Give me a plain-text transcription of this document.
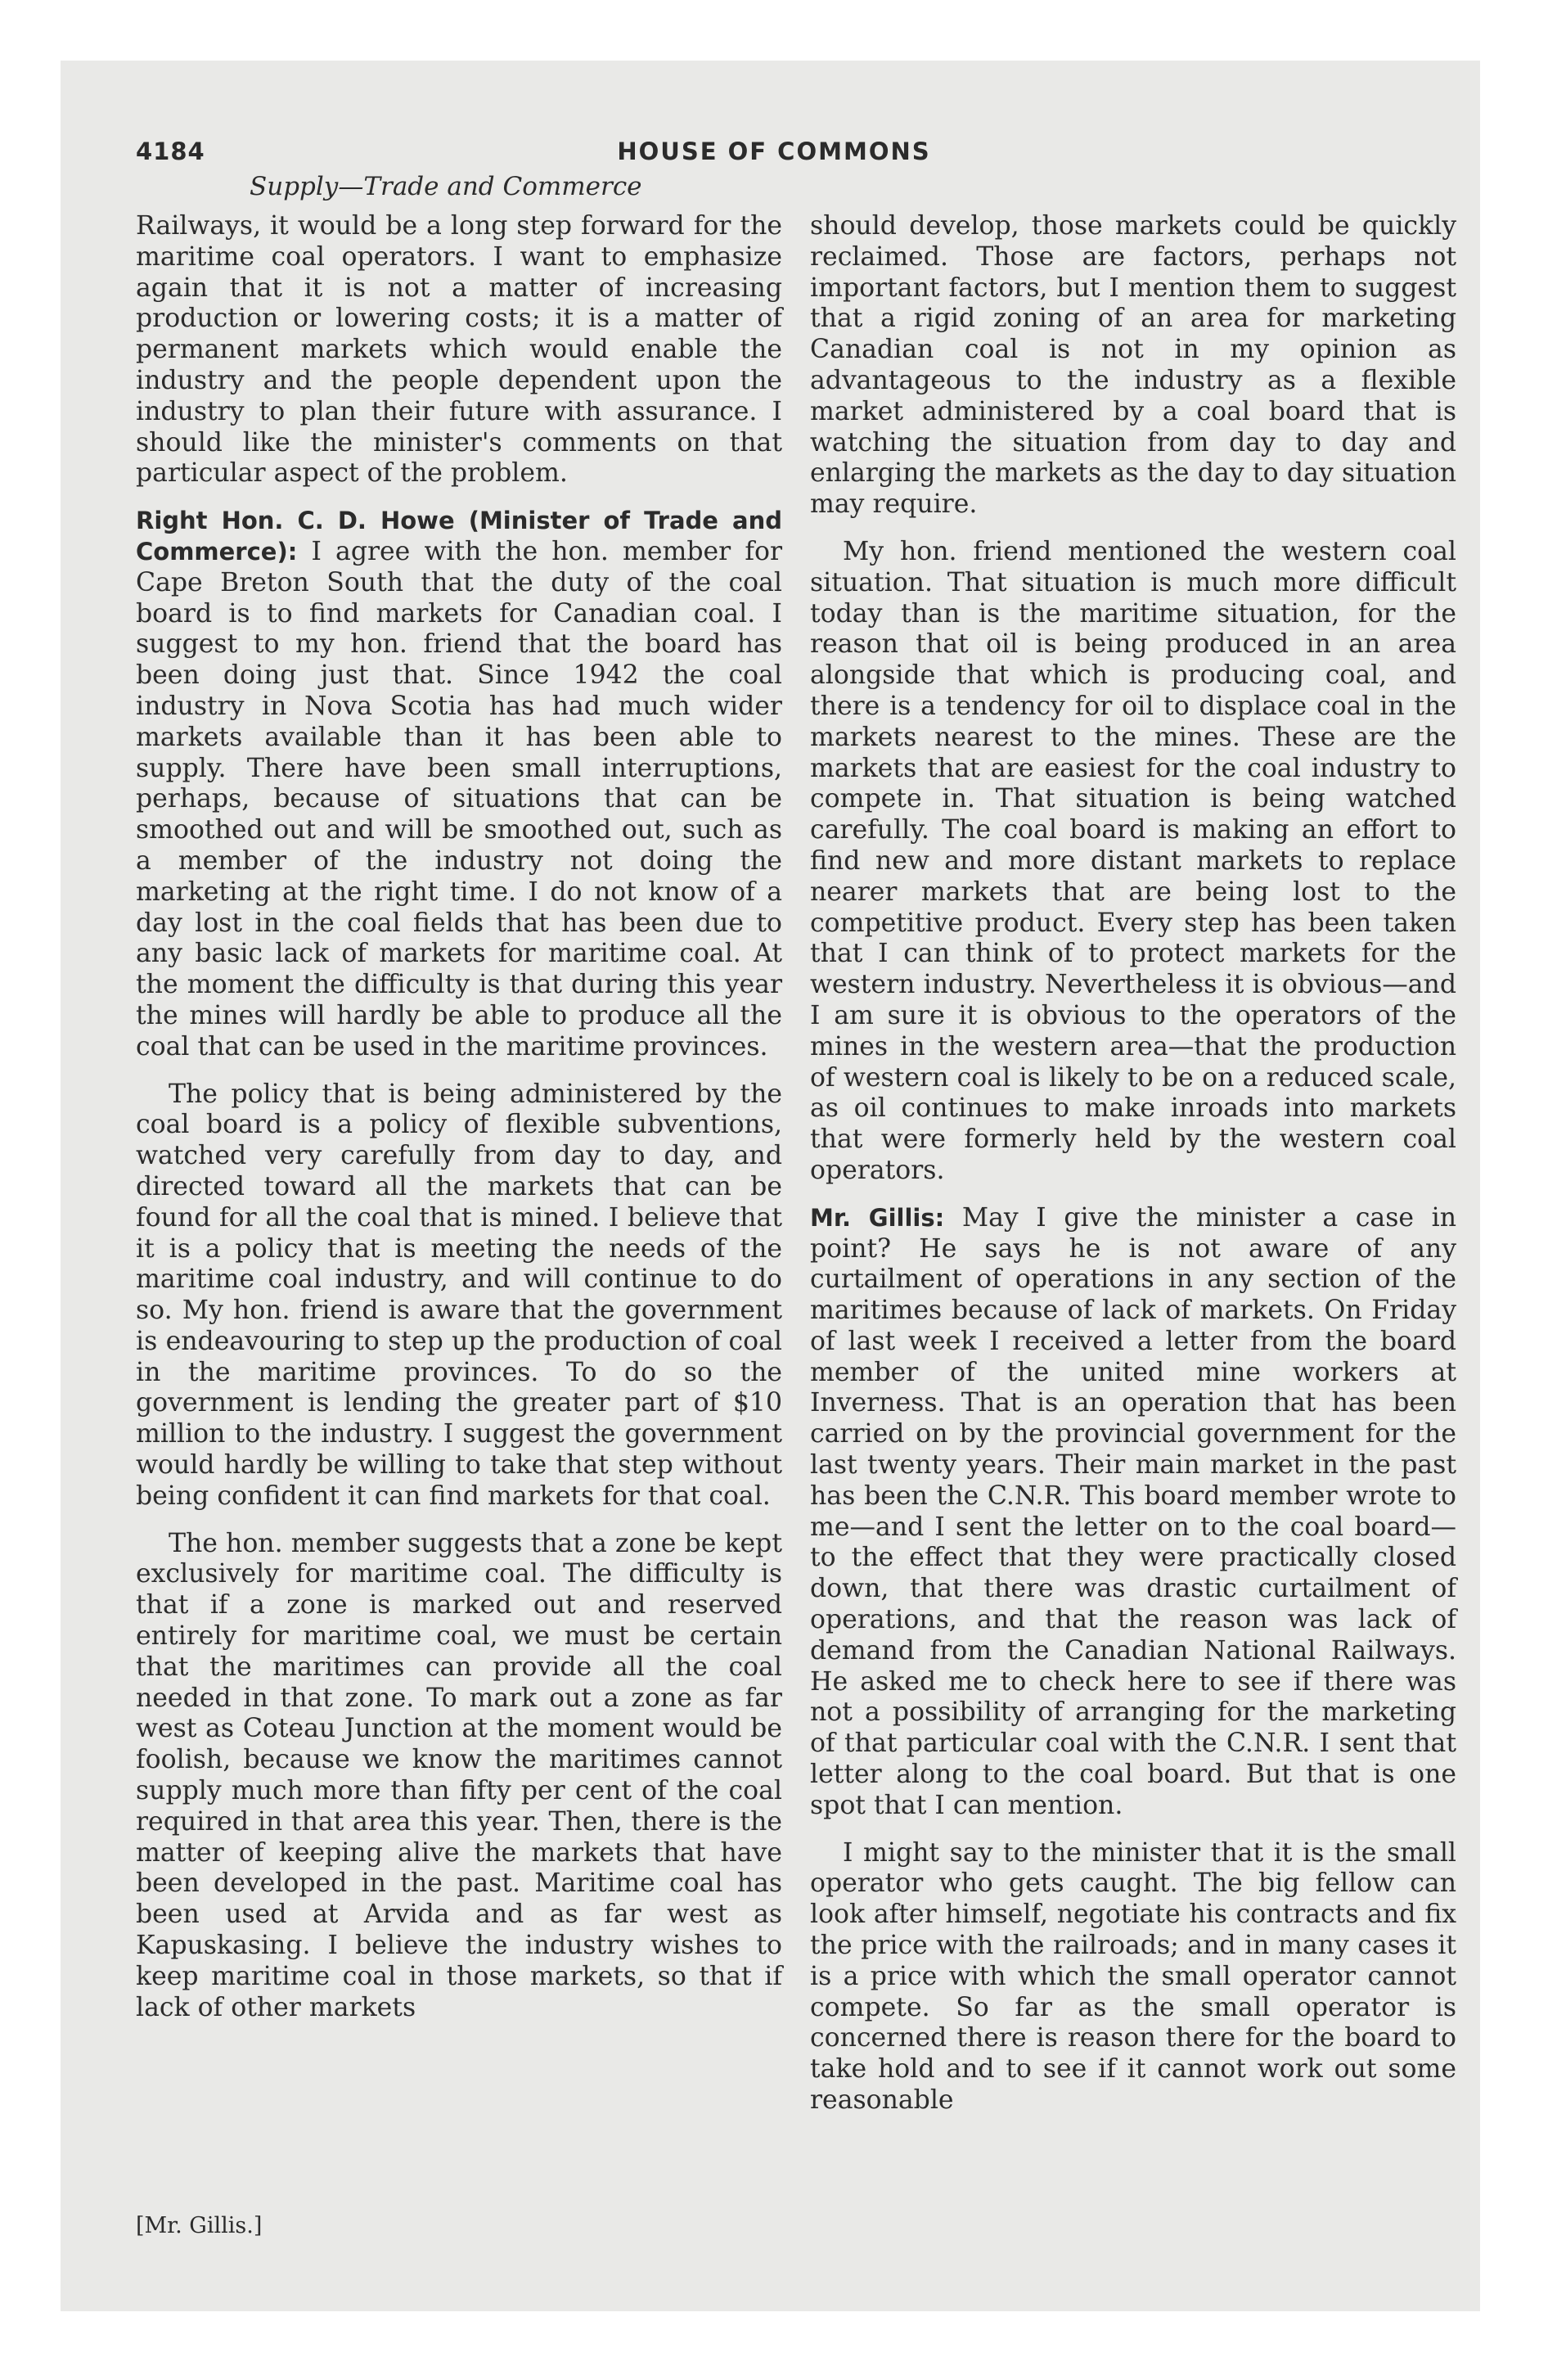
4184	HOUSE OF COMMONS
Supply—Trade and Commerce

Railways, it would be a long step forward for the maritime coal operators. I want to emphasize again that it is not a matter of increasing production or lowering costs; it is a matter of permanent markets which would enable the industry and the people dependent upon the industry to plan their future with assurance. I should like the minister's comments on that particular aspect of the problem.

Right Hon. C. D. Howe (Minister of Trade and Commerce): I agree with the hon. member for Cape Breton South that the duty of the coal board is to find markets for Canadian coal. I suggest to my hon. friend that the board has been doing just that. Since 1942 the coal industry in Nova Scotia has had much wider markets available than it has been able to supply. There have been small interruptions, perhaps, because of situations that can be smoothed out and will be smoothed out, such as a member of the industry not doing the marketing at the right time. I do not know of a day lost in the coal fields that has been due to any basic lack of markets for maritime coal. At the moment the difficulty is that during this year the mines will hardly be able to produce all the coal that can be used in the maritime provinces.

The policy that is being administered by the coal board is a policy of flexible subventions, watched very carefully from day to day, and directed toward all the markets that can be found for all the coal that is mined. I believe that it is a policy that is meeting the needs of the maritime coal industry, and will continue to do so. My hon. friend is aware that the government is endeavouring to step up the production of coal in the maritime provinces. To do so the government is lending the greater part of $10 million to the industry. I suggest the government would hardly be willing to take that step without being confident it can find markets for that coal.

The hon. member suggests that a zone be kept exclusively for maritime coal. The difficulty is that if a zone is marked out and reserved entirely for maritime coal, we must be certain that the maritimes can provide all the coal needed in that zone. To mark out a zone as far west as Coteau Junction at the moment would be foolish, because we know the maritimes cannot supply much more than fifty per cent of the coal required in that area this year. Then, there is the matter of keeping alive the markets that have been developed in the past. Maritime coal has been used at Arvida and as far west as Kapuskasing. I believe the industry wishes to keep maritime coal in those markets, so that if lack of other markets

should develop, those markets could be quickly reclaimed. Those are factors, perhaps not important factors, but I mention them to suggest that a rigid zoning of an area for marketing Canadian coal is not in my opinion as advantageous to the industry as a flexible market administered by a coal board that is watching the situation from day to day and enlarging the markets as the day to day situation may require.

My hon. friend mentioned the western coal situation. That situation is much more difficult today than is the maritime situation, for the reason that oil is being produced in an area alongside that which is producing coal, and there is a tendency for oil to displace coal in the markets nearest to the mines. These are the markets that are easiest for the coal industry to compete in. That situation is being watched carefully. The coal board is making an effort to find new and more distant markets to replace nearer markets that are being lost to the competitive product. Every step has been taken that I can think of to protect markets for the western industry. Nevertheless it is obvious—and I am sure it is obvious to the operators of the mines in the western area—that the production of western coal is likely to be on a reduced scale, as oil continues to make inroads into markets that were formerly held by the western coal operators.

Mr. Gillis: May I give the minister a case in point? He says he is not aware of any curtailment of operations in any section of the maritimes because of lack of markets. On Friday of last week I received a letter from the board member of the united mine workers at Inverness. That is an operation that has been carried on by the provincial government for the last twenty years. Their main market in the past has been the C.N.R. This board member wrote to me—and I sent the letter on to the coal board—to the effect that they were practically closed down, that there was drastic curtailment of operations, and that the reason was lack of demand from the Canadian National Railways. He asked me to check here to see if there was not a possibility of arranging for the marketing of that particular coal with the C.N.R. I sent that letter along to the coal board. But that is one spot that I can mention.

I might say to the minister that it is the small operator who gets caught. The big fellow can look after himself, negotiate his contracts and fix the price with the railroads; and in many cases it is a price with which the small operator cannot compete. So far as the small operator is concerned there is reason there for the board to take hold and to see if it cannot work out some reasonable

[Mr. Gillis.]
